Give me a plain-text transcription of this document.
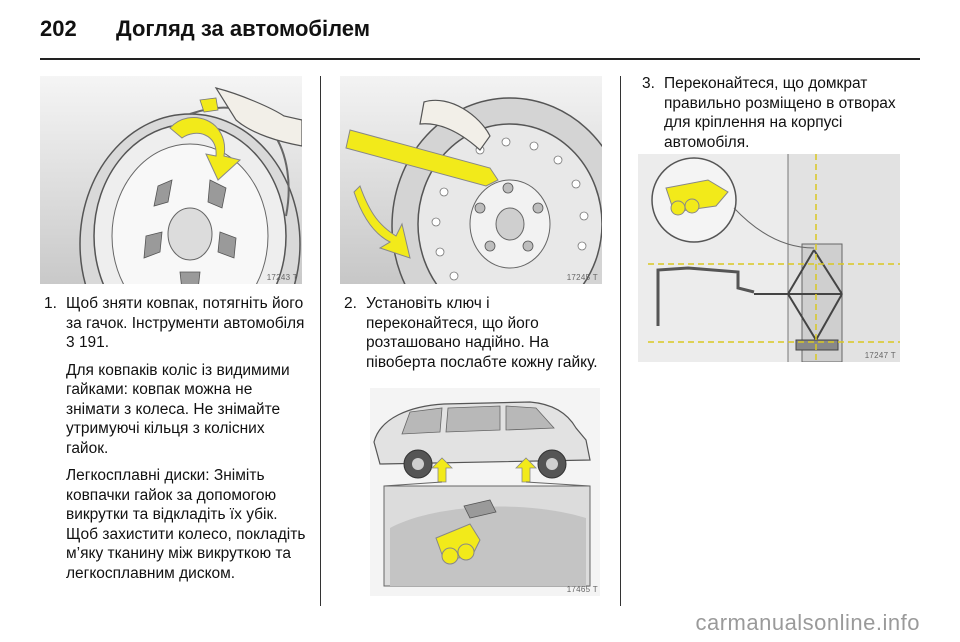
202 Догляд за автомобілем
17243 T	17245 T
17465 T
17247 T

1. Щоб зняти ковпак, потягніть його за гачок. Інструменти автомобіля 3 191.

Для ковпаків коліс із видимими гайками: ковпак можна не знімати з колеса. Не знімайте утримуючі кільця з колісних гайок.

Легкосплавні диски: Зніміть ковпачки гайок за допомогою викрутки та відкладіть їх убік. Щоб захистити колесо, покладіть м’яку тканину між викруткою та легкосплавним диском.

2. Установіть ключ і переконайтеся, що його розташовано надійно. На півоберта послабте кожну гайку.

3. Переконайтеся, що домкрат правильно розміщено в отворах для кріплення на корпусі автомобіля.

carmanualsonline.info
